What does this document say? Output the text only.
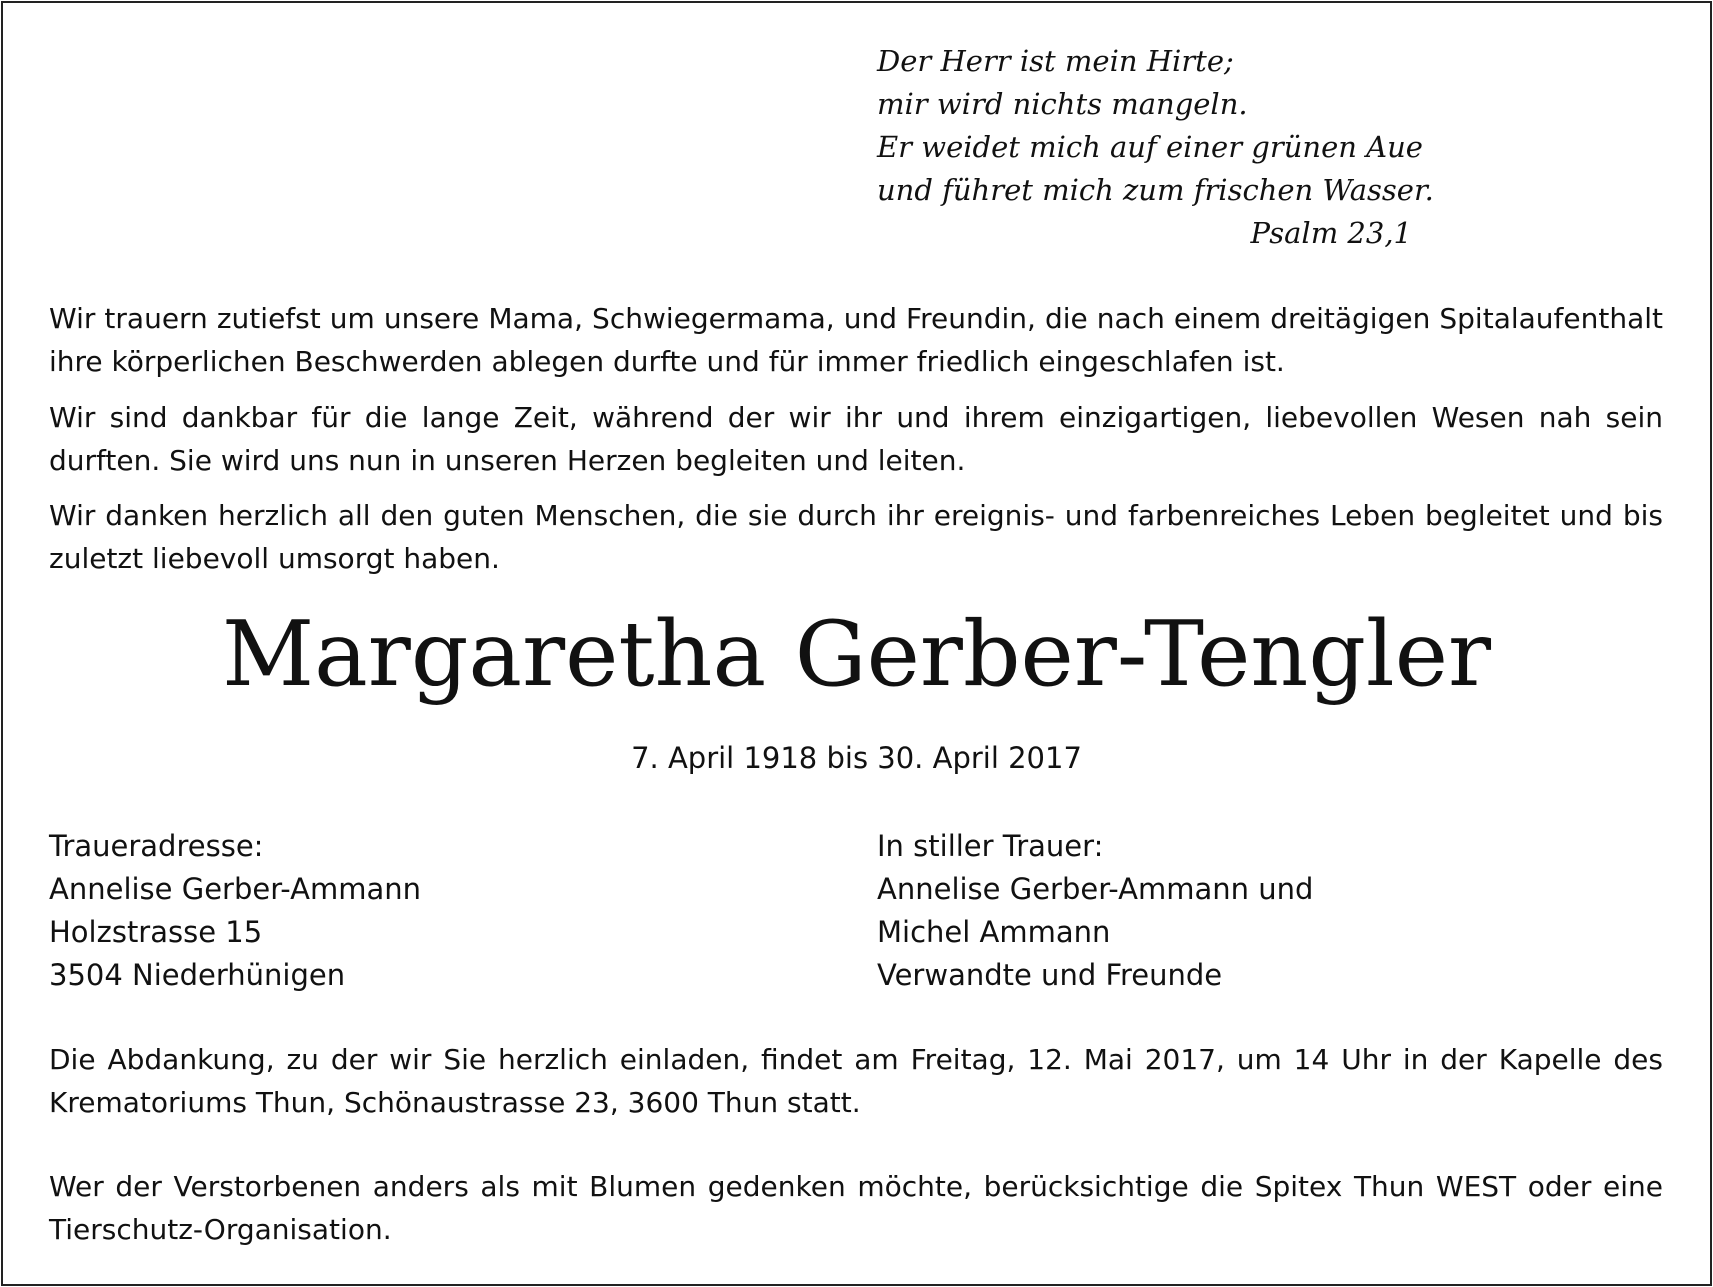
Der Herr ist mein Hirte;
mir wird nichts mangeln.
Er weidet mich auf einer grünen Aue
und führet mich zum frischen Wasser.
Psalm 23,1

Wir trauern zutiefst um unsere Mama, Schwiegermama, und Freundin, die nach einem dreitägigen Spitalaufenthalt ihre körperlichen Beschwerden ablegen durfte und für immer friedlich eingeschlafen ist.

Wir sind dankbar für die lange Zeit, während der wir ihr und ihrem einzigartigen, liebevollen Wesen nah sein durften. Sie wird uns nun in unseren Herzen begleiten und leiten.

Wir danken herzlich all den guten Menschen, die sie durch ihr ereignis- und farbenreiches Leben begleitet und bis zuletzt liebevoll umsorgt haben.

Margaretha Gerber-Tengler
7. April 1918 bis 30. April 2017
Traueradresse:
Annelise Gerber-Ammann
Holzstrasse 15
3504 Niederhünigen
In stiller Trauer:
Annelise Gerber-Ammann und
Michel Ammann
Verwandte und Freunde

Die Abdankung, zu der wir Sie herzlich einladen, findet am Freitag, 12. Mai 2017, um 14 Uhr in der Kapelle des Krematoriums Thun, Schönaustrasse 23, 3600 Thun statt.

Wer der Verstorbenen anders als mit Blumen gedenken möchte, berücksichtige die Spitex Thun WEST oder eine Tierschutz-Organisation.
